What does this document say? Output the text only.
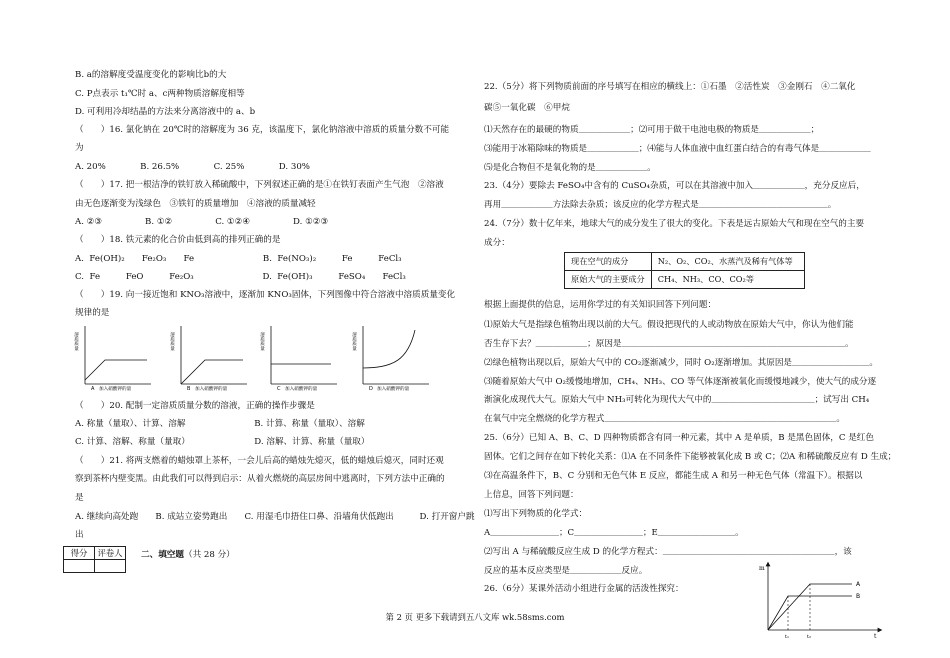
B. a的溶解度受温度变化的影响比b的大
C. P点表示 t₁℃时 a、c两种物质溶解度相等
D. 可利用冷却结晶的方法来分离溶液中的 a、b
（　　）16. 氯化钠在 20℃时的溶解度为 36 克，该温度下，氯化钠溶液中溶质的质量分数不可能
为
A. 20%　　　　B. 26.5%　　　　C. 25%　　　　D. 30%
（　　）17. 把一根洁净的铁钉放入稀硫酸中，下列叙述正确的是①在铁钉表面产生气泡　②溶液
由无色逐渐变为浅绿色　③铁钉的质量增加　④溶液的质量减轻
A. ②③　　　　　B. ①②　　　　　C. ①②④　　　　　D. ①②③
（　　）18. 铁元素的化合价由低到高的排列正确的是
A.  Fe(OH)₂　　Fe₂O₃　　Fe　　　　　　　　B.  Fe(NO₃)₂　　　Fe　　　FeCl₃
C.  Fe　　　FeO　　　Fe₂O₃　　　　　　　　D.  Fe(OH)₃　　　FeSO₄　　FeCl₃
（　　）19. 向一接近饱和 KNO₃溶液中，逐渐加 KNO₃固体，下列图像中符合溶液中溶质质量变化
规律的是
溶质质量
加入硝酸钾的量
A
溶质质量
加入硝酸钾的量
B
溶质质量
加入硝酸钾的量
C
溶质质量
加入硝酸钾的量
D
（　　）20. 配制一定溶质质量分数的溶液，正确的操作步骤是
A. 称量（量取）、计算、溶解　　　　　　　　B. 计算、称量（量取）、溶解
C. 计算、溶解、称量（量取）　　　　　　　　D. 溶解、计算、称量（量取）
（　　）21. 将两支燃着的蜡烛罩上茶杯，一会儿后高的蜡烛先熄灭，低的蜡烛后熄灭，同时还观
察到茶杯内壁变黑。由此我们可以得到启示：从着火燃烧的高层房间中逃离时，下列方法中正确的
是
A. 继续向高处跑　　B. 成站立姿势跑出　　C. 用湿毛巾捂住口鼻、沿墙角伏低跑出　　　D. 打开窗户跳
出
得分	评卷人
	二、填空题（共 28 分）
22.（5分）将下列物质前面的序号填写在相应的横线上：①石墨　②活性炭　③金刚石　④二氧化
碳⑤一氧化碳　⑥甲烷
⑴天然存在的最硬的物质＿＿＿＿＿＿；⑵可用于做干电池电极的物质是＿＿＿＿＿＿；
⑶能用于冰箱除味的物质是＿＿＿＿＿＿；⑷能与人体血液中血红蛋白结合的有毒气体是＿＿＿＿＿＿
⑸是化合物但不是氧化物的是＿＿＿＿＿＿。
23.（4分）要除去 FeSO₄中含有的 CuSO₄杂质，可以在其溶液中加入＿＿＿＿＿＿，充分反应后，
再用＿＿＿＿＿＿方法除去杂质；该反应的化学方程式是＿＿＿＿＿＿＿＿＿＿＿＿＿＿＿。
24.（7分）数十亿年来，地球大气的成分发生了很大的变化。下表是远古原始大气和现在空气的主要
成分：
现在空气的成分	N₂、O₂、CO₂、水蒸汽及稀有气体等
原始大气的主要成分	CH₄、NH₃、CO、CO₂等
根据上面提供的信息，运用你学过的有关知识回答下列问题：
⑴原始大气是指绿色植物出现以前的大气。假设把现代的人或动物放在原始大气中，你认为他们能
否生存下去？＿＿＿＿＿＿；原因是＿＿＿＿＿＿＿＿＿＿＿＿＿＿＿＿＿＿＿＿＿＿＿＿＿＿。
⑵绿色植物出现以后，原始大气中的 CO₂逐渐减少，同时 O₂逐渐增加。其原因是＿＿＿＿＿＿＿＿＿。
⑶随着原始大气中 O₂缓慢地增加，CH₄、NH₃、CO 等气体逐渐被氧化而缓慢地减少，使大气的成分逐
渐演化成现代大气。原始大气中 NH₃可转化为现代大气中的＿＿＿＿＿＿＿＿＿＿＿＿；试写出 CH₄
在氧气中完全燃烧的化学方程式＿＿＿＿＿＿＿＿＿＿＿＿＿＿＿＿＿＿＿＿＿＿＿＿＿＿＿。
25.（6分）已知 A、B、C、D 四种物质都含有同一种元素，其中 A 是单质，B 是黑色固体，C 是红色
固体。它们之间存在如下转化关系：⑴A 在不同条件下能够被氧化成 B 或 C；⑵A 和稀硫酸反应有 D 生成；
⑶在高温条件下，B、C 分别和无色气体 E 反应，都能生成 A 和另一种无色气体（常温下）。根据以
上信息，回答下列问题：
⑴写出下列物质的化学式：
A＿＿＿＿＿＿＿＿；C＿＿＿＿＿＿＿＿；E＿＿＿＿＿＿＿＿＿。
⑵写出 A 与稀硫酸反应生成 D 的化学方程式：＿＿＿＿＿＿＿＿＿＿＿＿＿＿＿＿＿＿＿＿，该
反应的基本反应类型是＿＿＿＿＿＿反应。
26.（6分）某课外活动小组进行金属的活泼性探究：
m
t
t₁	t₂
A
B
第 2 页 更多下载请到五八文库 wk.58sms.com
